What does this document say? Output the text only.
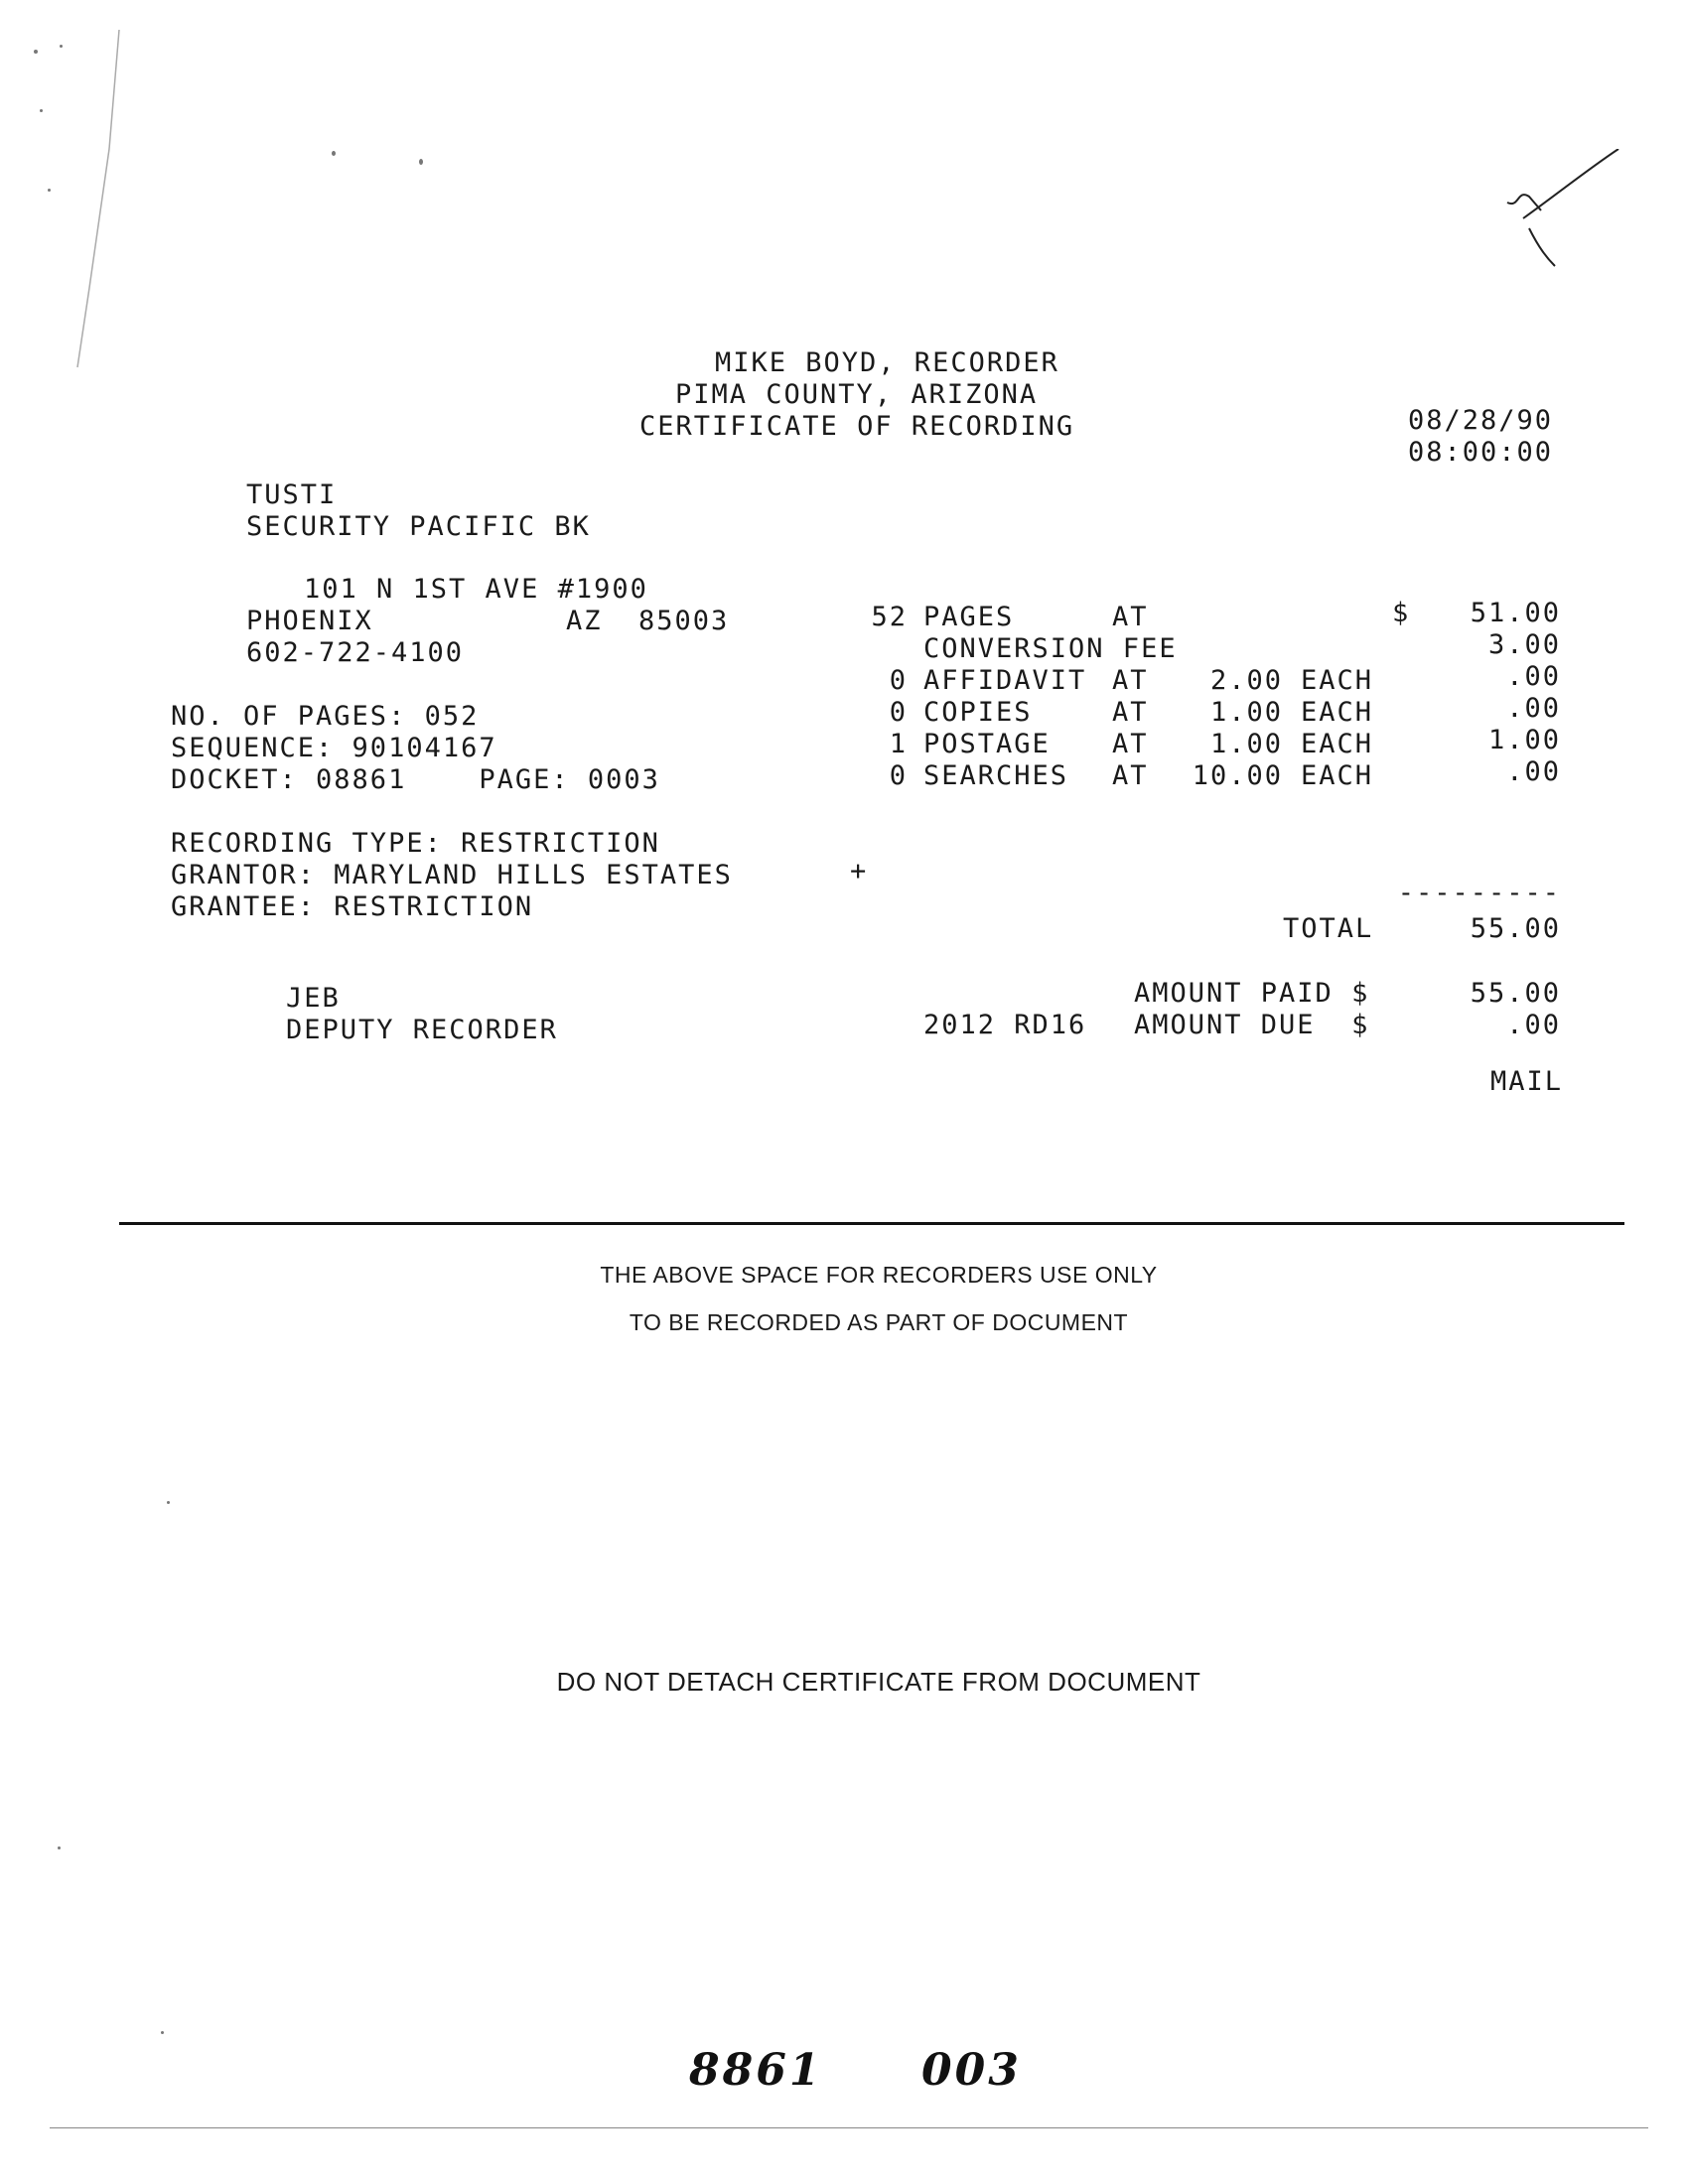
MIKE BOYD, RECORDER
PIMA COUNTY, ARIZONA
CERTIFICATE OF RECORDING	08/28/90
08:00:00
TUSTI
SECURITY PACIFIC BK
101 N 1ST AVE #1900
PHOENIX	AZ  85003
602-722-4100
NO. OF PAGES: 052
SEQUENCE: 90104167
DOCKET: 08861    PAGE: 0003
RECORDING TYPE: RESTRICTION
GRANTOR: MARYLAND HILLS ESTATES	+
GRANTEE: RESTRICTION
$
52 PAGES	AT	51.00
CONVERSION FEE	3.00
0 AFFIDAVIT AT	2.00 EACH	.00
0 COPIES	AT	1.00 EACH	.00
1 POSTAGE AT	1.00 EACH	1.00
0 SEARCHES AT	10.00 EACH	.00
---------
TOTAL	55.00
AMOUNT PAID $	55.00
2012 RD16 AMOUNT DUE  $	.00
MAIL
JEB
DEPUTY RECORDER
THE ABOVE SPACE FOR RECORDERS USE ONLY
TO BE RECORDED AS PART OF DOCUMENT
DO NOT DETACH CERTIFICATE FROM DOCUMENT
8861 003
